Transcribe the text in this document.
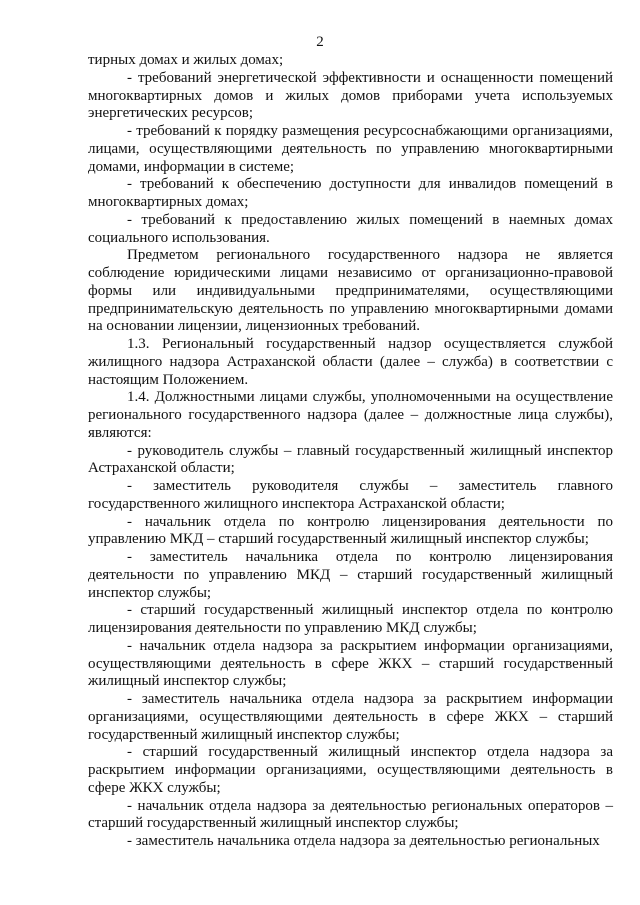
2

тирных домах и жилых домах;

- требований энергетической эффективности и оснащенности помещений многоквартирных домов и жилых домов приборами учета используемых энергетических ресурсов;

- требований к порядку размещения ресурсоснабжающими организациями, лицами, осуществляющими деятельность по управлению многоквартирными домами, информации в системе;

- требований к обеспечению доступности для инвалидов помещений в многоквартирных домах;

- требований к предоставлению жилых помещений в наемных домах социального использования.

Предметом регионального государственного надзора не является соблюдение юридическими лицами независимо от организационно-правовой формы или индивидуальными предпринимателями, осуществляющими предпринимательскую деятельность по управлению многоквартирными домами на основании лицензии, лицензионных требований.

1.3. Региональный государственный надзор осуществляется службой жилищного надзора Астраханской области (далее – служба) в соответствии с настоящим Положением.

1.4. Должностными лицами службы, уполномоченными на осуществление регионального государственного надзора (далее – должностные лица службы), являются:

- руководитель службы – главный государственный жилищный инспектор Астраханской области;

- заместитель руководителя службы – заместитель главного государственного жилищного инспектора Астраханской области;

- начальник отдела по контролю лицензирования деятельности по управлению МКД – старший государственный жилищный инспектор службы;

- заместитель начальника отдела по контролю лицензирования деятельности по управлению МКД – старший государственный жилищный инспектор службы;

- старший государственный жилищный инспектор отдела по контролю лицензирования деятельности по управлению МКД службы;

- начальник отдела надзора за раскрытием информации организациями, осуществляющими деятельность в сфере ЖКХ – старший государственный жилищный инспектор службы;

- заместитель начальника отдела надзора за раскрытием информации организациями, осуществляющими деятельность в сфере ЖКХ – старший государственный жилищный инспектор службы;

- старший государственный жилищный инспектор отдела надзора за раскрытием информации организациями, осуществляющими деятельность в сфере ЖКХ службы;

- начальник отдела надзора за деятельностью региональных операторов – старший государственный жилищный инспектор службы;

- заместитель начальника отдела надзора за деятельностью региональных
